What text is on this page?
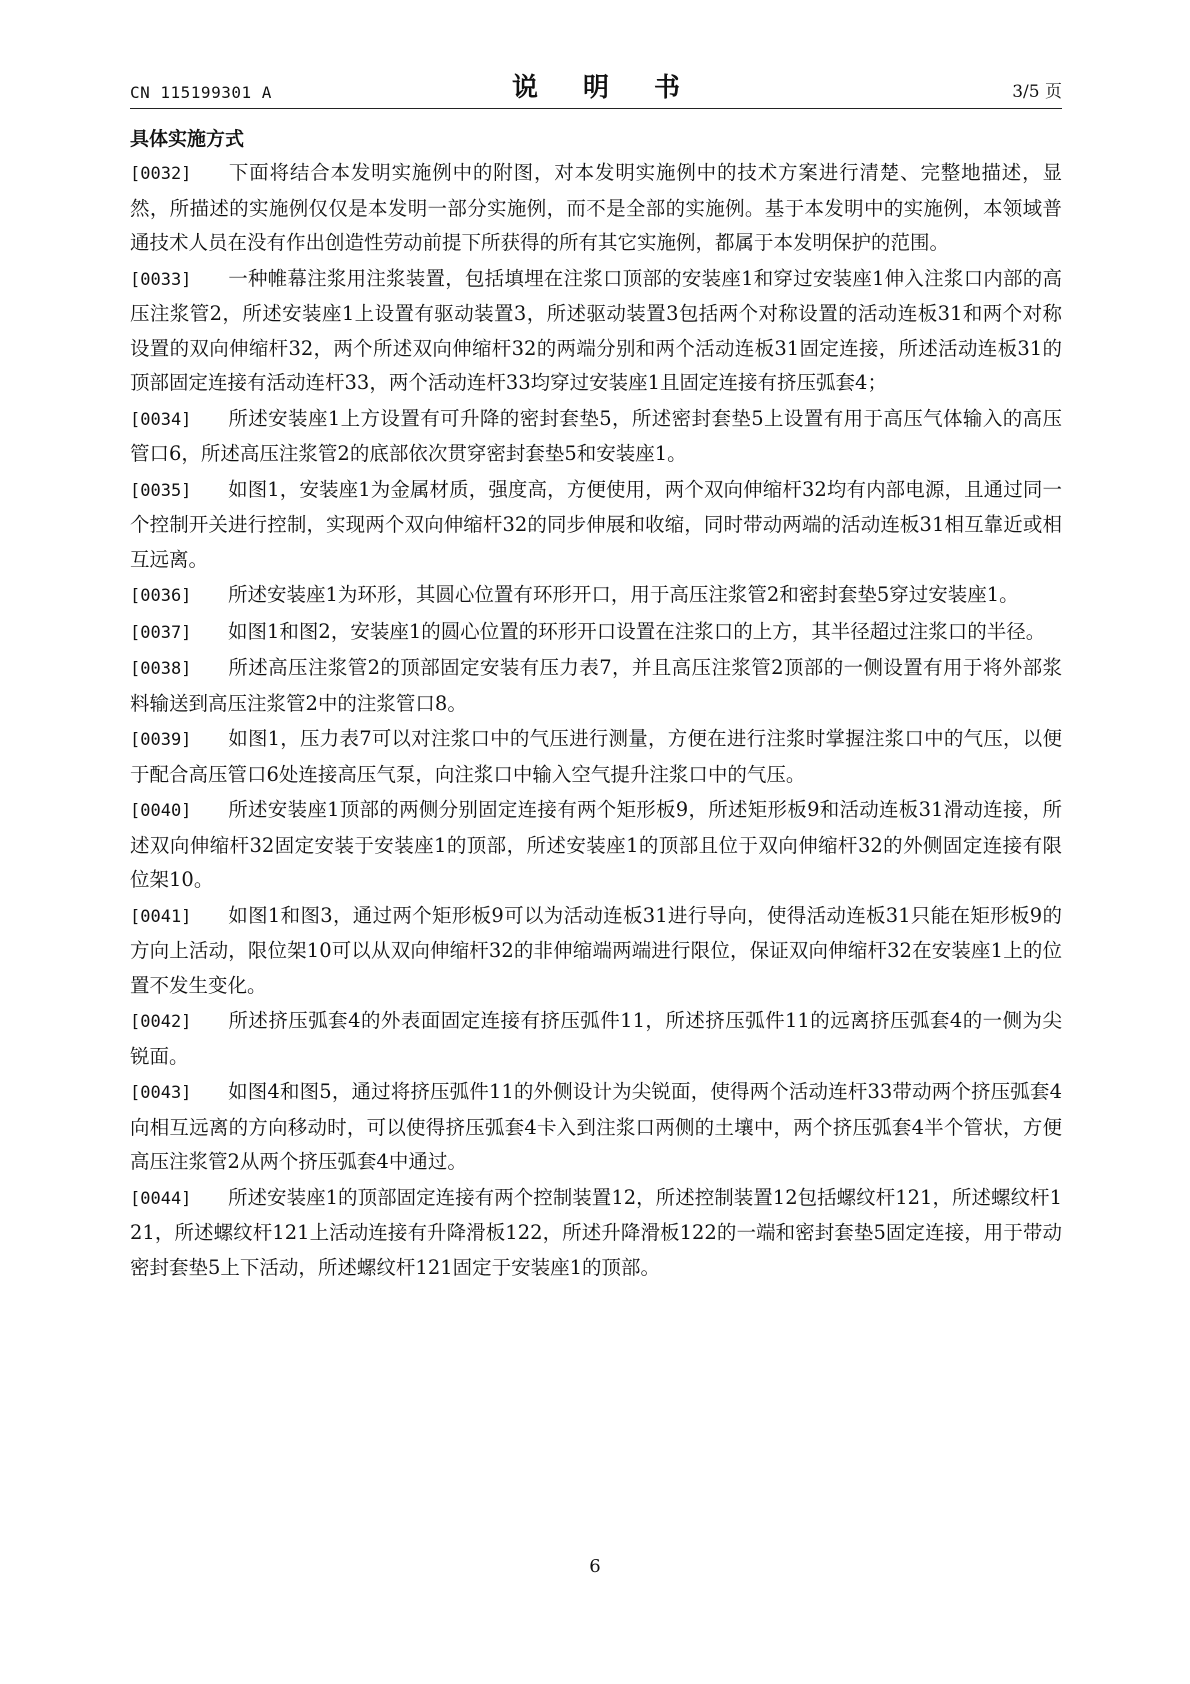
CN 115199301 A	说 明 书	3/5 页

具体实施方式

[0032] 下面将结合本发明实施例中的附图，对本发明实施例中的技术方案进行清楚、完整地描述，显然，所描述的实施例仅仅是本发明一部分实施例，而不是全部的实施例。基于本发明中的实施例，本领域普通技术人员在没有作出创造性劳动前提下所获得的所有其它实施例，都属于本发明保护的范围。

[0033] 一种帷幕注浆用注浆装置，包括填埋在注浆口顶部的安装座1和穿过安装座1伸入注浆口内部的高压注浆管2，所述安装座1上设置有驱动装置3，所述驱动装置3包括两个对称设置的活动连板31和两个对称设置的双向伸缩杆32，两个所述双向伸缩杆32的两端分别和两个活动连板31固定连接，所述活动连板31的顶部固定连接有活动连杆33，两个活动连杆33均穿过安装座1且固定连接有挤压弧套4；

[0034] 所述安装座1上方设置有可升降的密封套垫5，所述密封套垫5上设置有用于高压气体输入的高压管口6，所述高压注浆管2的底部依次贯穿密封套垫5和安装座1。

[0035] 如图1，安装座1为金属材质，强度高，方便使用，两个双向伸缩杆32均有内部电源，且通过同一个控制开关进行控制，实现两个双向伸缩杆32的同步伸展和收缩，同时带动两端的活动连板31相互靠近或相互远离。

[0036] 所述安装座1为环形，其圆心位置有环形开口，用于高压注浆管2和密封套垫5穿过安装座1。

[0037] 如图1和图2，安装座1的圆心位置的环形开口设置在注浆口的上方，其半径超过注浆口的半径。

[0038] 所述高压注浆管2的顶部固定安装有压力表7，并且高压注浆管2顶部的一侧设置有用于将外部浆料输送到高压注浆管2中的注浆管口8。

[0039] 如图1，压力表7可以对注浆口中的气压进行测量，方便在进行注浆时掌握注浆口中的气压，以便于配合高压管口6处连接高压气泵，向注浆口中输入空气提升注浆口中的气压。

[0040] 所述安装座1顶部的两侧分别固定连接有两个矩形板9，所述矩形板9和活动连板31滑动连接，所述双向伸缩杆32固定安装于安装座1的顶部，所述安装座1的顶部且位于双向伸缩杆32的外侧固定连接有限位架10。

[0041] 如图1和图3，通过两个矩形板9可以为活动连板31进行导向，使得活动连板31只能在矩形板9的方向上活动，限位架10可以从双向伸缩杆32的非伸缩端两端进行限位，保证双向伸缩杆32在安装座1上的位置不发生变化。

[0042] 所述挤压弧套4的外表面固定连接有挤压弧件11，所述挤压弧件11的远离挤压弧套4的一侧为尖锐面。

[0043] 如图4和图5，通过将挤压弧件11的外侧设计为尖锐面，使得两个活动连杆33带动两个挤压弧套4向相互远离的方向移动时，可以使得挤压弧套4卡入到注浆口两侧的土壤中，两个挤压弧套4半个管状，方便高压注浆管2从两个挤压弧套4中通过。

[0044] 所述安装座1的顶部固定连接有两个控制装置12，所述控制装置12包括螺纹杆121，所述螺纹杆121，所述螺纹杆121上活动连接有升降滑板122，所述升降滑板122的一端和密封套垫5固定连接，用于带动密封套垫5上下活动，所述螺纹杆121固定于安装座1的顶部。

6
